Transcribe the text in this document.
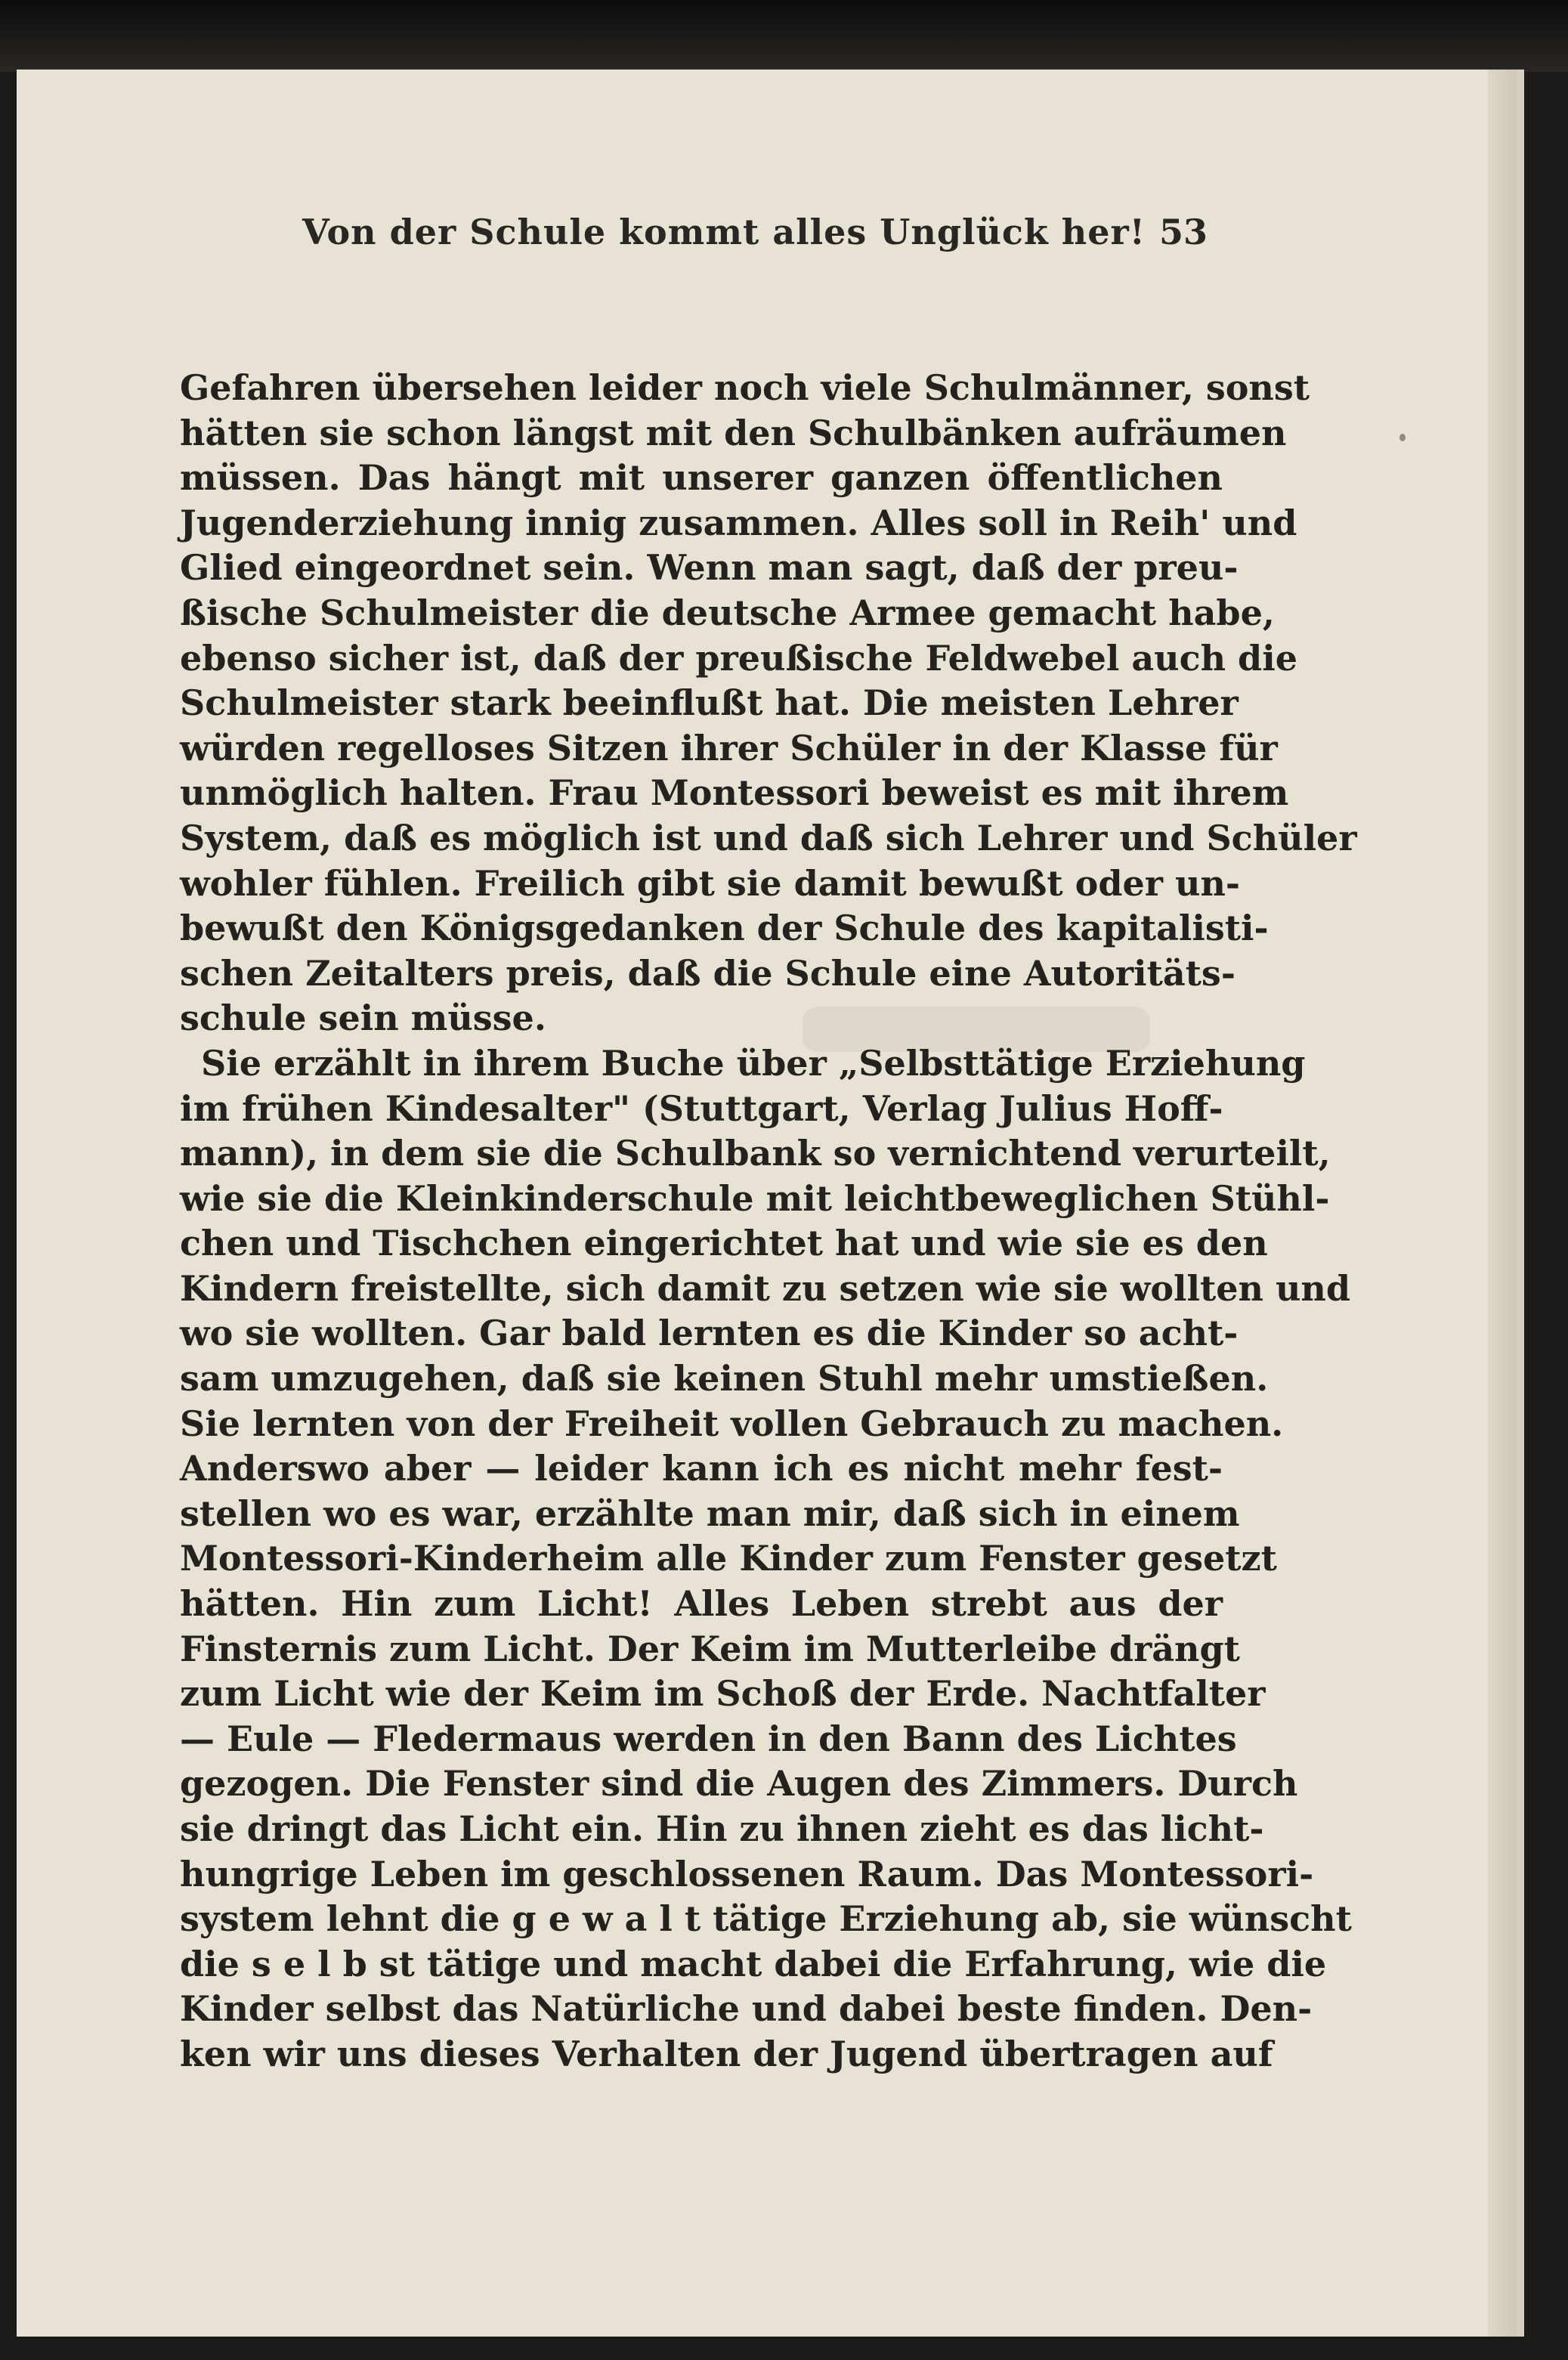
Von der Schule kommt alles Unglück her! 53
Gefahren übersehen leider noch viele Schulmänner, sonst
hätten sie schon längst mit den Schulbänken aufräumen
müssen. Das hängt mit unserer ganzen öffentlichen
Jugenderziehung innig zusammen. Alles soll in Reih' und
Glied eingeordnet sein. Wenn man sagt, daß der preu-
ßische Schulmeister die deutsche Armee gemacht habe,
ebenso sicher ist, daß der preußische Feldwebel auch die
Schulmeister stark beeinflußt hat. Die meisten Lehrer
würden regelloses Sitzen ihrer Schüler in der Klasse für
unmöglich halten. Frau Montessori beweist es mit ihrem
System, daß es möglich ist und daß sich Lehrer und Schüler
wohler fühlen. Freilich gibt sie damit bewußt oder un-
bewußt den Königsgedanken der Schule des kapitalisti-
schen Zeitalters preis, daß die Schule eine Autoritäts-
schule sein müsse.
Sie erzählt in ihrem Buche über „Selbsttätige Erziehung
im frühen Kindesalter" (Stuttgart, Verlag Julius Hoff-
mann), in dem sie die Schulbank so vernichtend verurteilt,
wie sie die Kleinkinderschule mit leichtbeweglichen Stühl-
chen und Tischchen eingerichtet hat und wie sie es den
Kindern freistellte, sich damit zu setzen wie sie wollten und
wo sie wollten. Gar bald lernten es die Kinder so acht-
sam umzugehen, daß sie keinen Stuhl mehr umstießen.
Sie lernten von der Freiheit vollen Gebrauch zu machen.
Anderswo aber — leider kann ich es nicht mehr fest-
stellen wo es war, erzählte man mir, daß sich in einem
Montessori-Kinderheim alle Kinder zum Fenster gesetzt
hätten. Hin zum Licht! Alles Leben strebt aus der
Finsternis zum Licht. Der Keim im Mutterleibe drängt
zum Licht wie der Keim im Schoß der Erde. Nachtfalter
— Eule — Fledermaus werden in den Bann des Lichtes
gezogen. Die Fenster sind die Augen des Zimmers. Durch
sie dringt das Licht ein. Hin zu ihnen zieht es das licht-
hungrige Leben im geschlossenen Raum. Das Montessori-
system lehnt die g e w a l t tätige Erziehung ab, sie wünscht
die s e l b st tätige und macht dabei die Erfahrung, wie die
Kinder selbst das Natürliche und dabei beste finden. Den-
ken wir uns dieses Verhalten der Jugend übertragen auf
